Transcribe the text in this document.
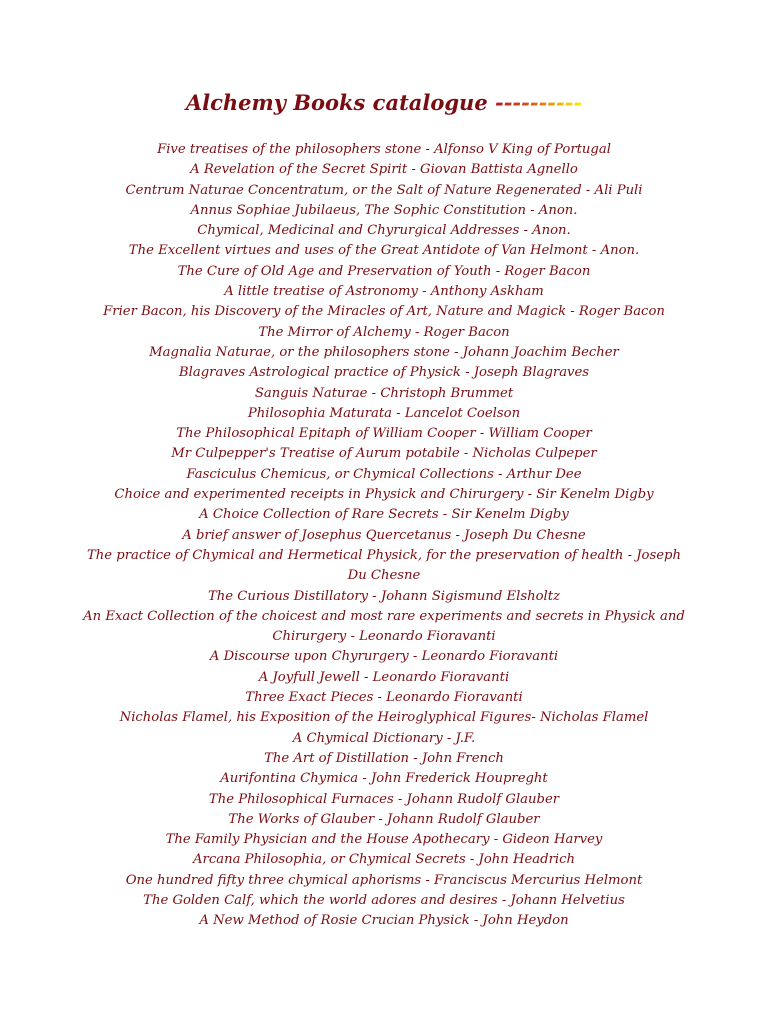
Alchemy Books catalogue ----------
Five treatises of the philosophers stone - Alfonso V King of Portugal
A Revelation of the Secret Spirit - Giovan Battista Agnello
Centrum Naturae Concentratum, or the Salt of Nature Regenerated - Ali Puli
Annus Sophiae Jubilaeus, The Sophic Constitution - Anon.
Chymical, Medicinal and Chyrurgical Addresses - Anon.
The Excellent virtues and uses of the Great Antidote of Van Helmont - Anon.
The Cure of Old Age and Preservation of Youth - Roger Bacon
A little treatise of Astronomy - Anthony Askham
Frier Bacon, his Discovery of the Miracles of Art, Nature and Magick - Roger Bacon
The Mirror of Alchemy - Roger Bacon
Magnalia Naturae, or the philosophers stone - Johann Joachim Becher
Blagraves Astrological practice of Physick - Joseph Blagraves
Sanguis Naturae - Christoph Brummet
Philosophia Maturata - Lancelot Coelson
The Philosophical Epitaph of William Cooper - William Cooper
Mr Culpepper's Treatise of Aurum potabile - Nicholas Culpeper
Fasciculus Chemicus, or Chymical Collections - Arthur Dee
Choice and experimented receipts in Physick and Chirurgery - Sir Kenelm Digby
A Choice Collection of Rare Secrets - Sir Kenelm Digby
A brief answer of Josephus Quercetanus - Joseph Du Chesne
The practice of Chymical and Hermetical Physick, for the preservation of health - Joseph Du Chesne
The Curious Distillatory - Johann Sigismund Elsholtz
An Exact Collection of the choicest and most rare experiments and secrets in Physick and Chirurgery - Leonardo Fioravanti
A Discourse upon Chyrurgery - Leonardo Fioravanti
A Joyfull Jewell - Leonardo Fioravanti
Three Exact Pieces - Leonardo Fioravanti
Nicholas Flamel, his Exposition of the Heiroglyphical Figures- Nicholas Flamel
A Chymical Dictionary - J.F.
The Art of Distillation - John French
Aurifontina Chymica - John Frederick Houpreght
The Philosophical Furnaces - Johann Rudolf Glauber
The Works of Glauber - Johann Rudolf Glauber
The Family Physician and the House Apothecary - Gideon Harvey
Arcana Philosophia, or Chymical Secrets - John Headrich
One hundred fifty three chymical aphorisms - Franciscus Mercurius Helmont
The Golden Calf, which the world adores and desires - Johann Helvetius
A New Method of Rosie Crucian Physick - John Heydon
